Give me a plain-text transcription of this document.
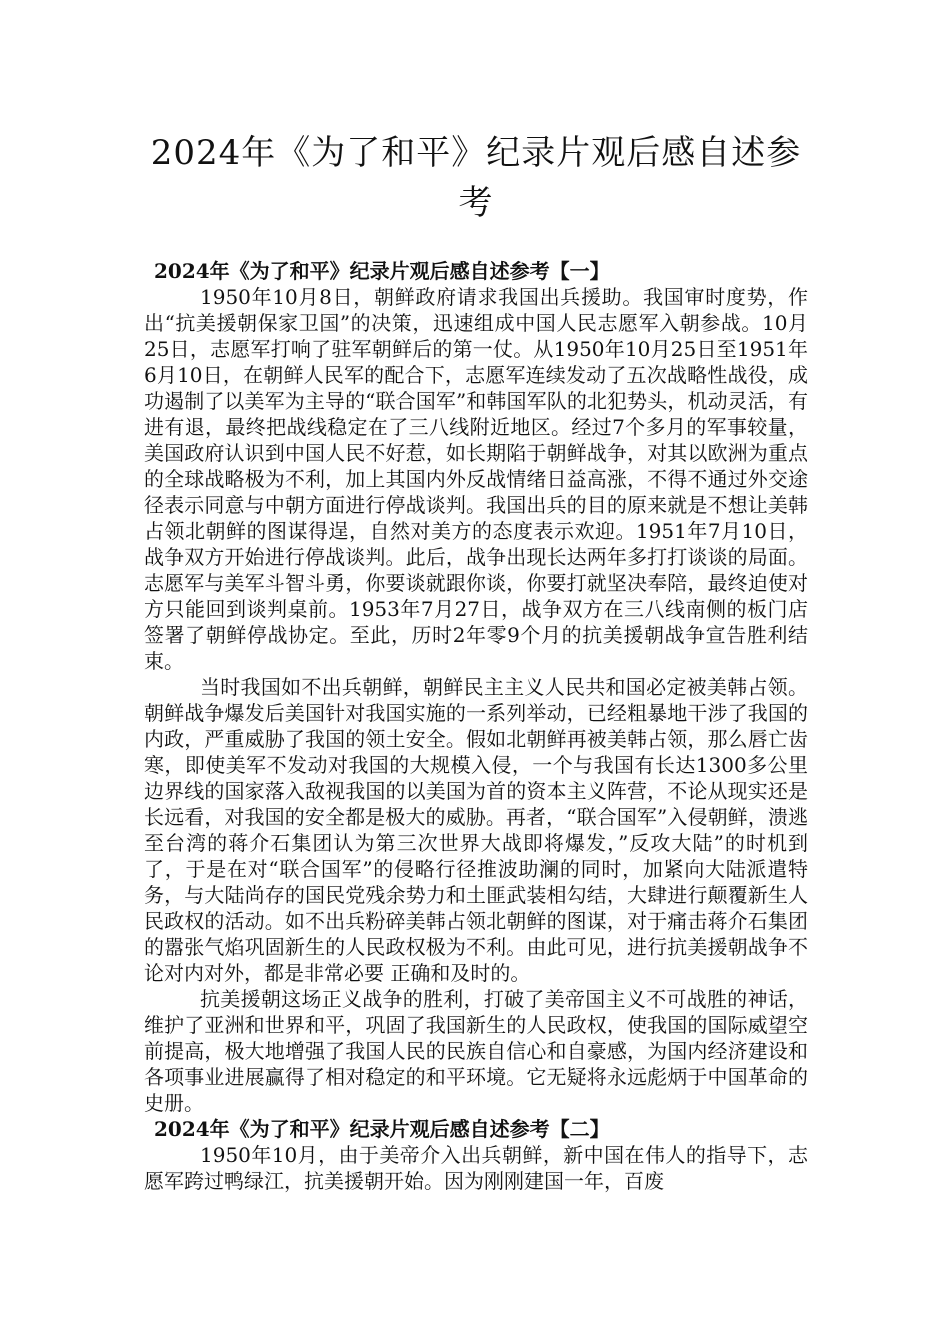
2024年《为了和平》纪录片观后感自述参考
2024年《为了和平》纪录片观后感自述参考【一】

1950年10月8日，朝鲜政府请求我国出兵援助。我国审时度势，作出“抗美援朝保家卫国”的决策，迅速组成中国人民志愿军入朝参战。10月25日，志愿军打响了驻军朝鲜后的第一仗。从1950年10月25日至1951年6月10日，在朝鲜人民军的配合下，志愿军连续发动了五次战略性战役，成功遏制了以美军为主导的“联合国军”和韩国军队的北犯势头，机动灵活，有进有退，最终把战线稳定在了三八线附近地区。经过7个多月的军事较量，美国政府认识到中国人民不好惹，如长期陷于朝鲜战争，对其以欧洲为重点的全球战略极为不利，加上其国内外反战情绪日益高涨，不得不通过外交途径表示同意与中朝方面进行停战谈判。我国出兵的目的原来就是不想让美韩占领北朝鲜的图谋得逞，自然对美方的态度表示欢迎。1951年7月10日，战争双方开始进行停战谈判。此后，战争出现长达两年多打打谈谈的局面。志愿军与美军斗智斗勇，你要谈就跟你谈，你要打就坚决奉陪，最终迫使对方只能回到谈判桌前。1953年7月27日，战争双方在三八线南侧的板门店签署了朝鲜停战协定。至此，历时2年零9个月的抗美援朝战争宣告胜利结束。

当时我国如不出兵朝鲜，朝鲜民主主义人民共和国必定被美韩占领。朝鲜战争爆发后美国针对我国实施的一系列举动，已经粗暴地干涉了我国的内政，严重威胁了我国的领土安全。假如北朝鲜再被美韩占领，那么唇亡齿寒，即使美军不发动对我国的大规模入侵，一个与我国有长达1300多公里边界线的国家落入敌视我国的以美国为首的资本主义阵营，不论从现实还是长远看，对我国的安全都是极大的威胁。再者，“联合国军”入侵朝鲜，溃逃至台湾的蒋介石集团认为第三次世界大战即将爆发，”反攻大陆”的时机到了，于是在对“联合国军”的侵略行径推波助澜的同时，加紧向大陆派遣特务，与大陆尚存的国民党残余势力和土匪武装相勾结，大肆进行颠覆新生人民政权的活动。如不出兵粉碎美韩占领北朝鲜的图谋，对于痛击蒋介石集团的嚣张气焰巩固新生的人民政权极为不利。由此可见，进行抗美援朝战争不论对内对外，都是非常必要 正确和及时的。

抗美援朝这场正义战争的胜利，打破了美帝国主义不可战胜的神话，维护了亚洲和世界和平，巩固了我国新生的人民政权，使我国的国际威望空前提高，极大地增强了我国人民的民族自信心和自豪感，为国内经济建设和各项事业进展赢得了相对稳定的和平环境。它无疑将永远彪炳于中国革命的史册。

2024年《为了和平》纪录片观后感自述参考【二】

1950年10月，由于美帝介入出兵朝鲜，新中国在伟人的指导下，志愿军跨过鸭绿江，抗美援朝开始。因为刚刚建国一年，百废
